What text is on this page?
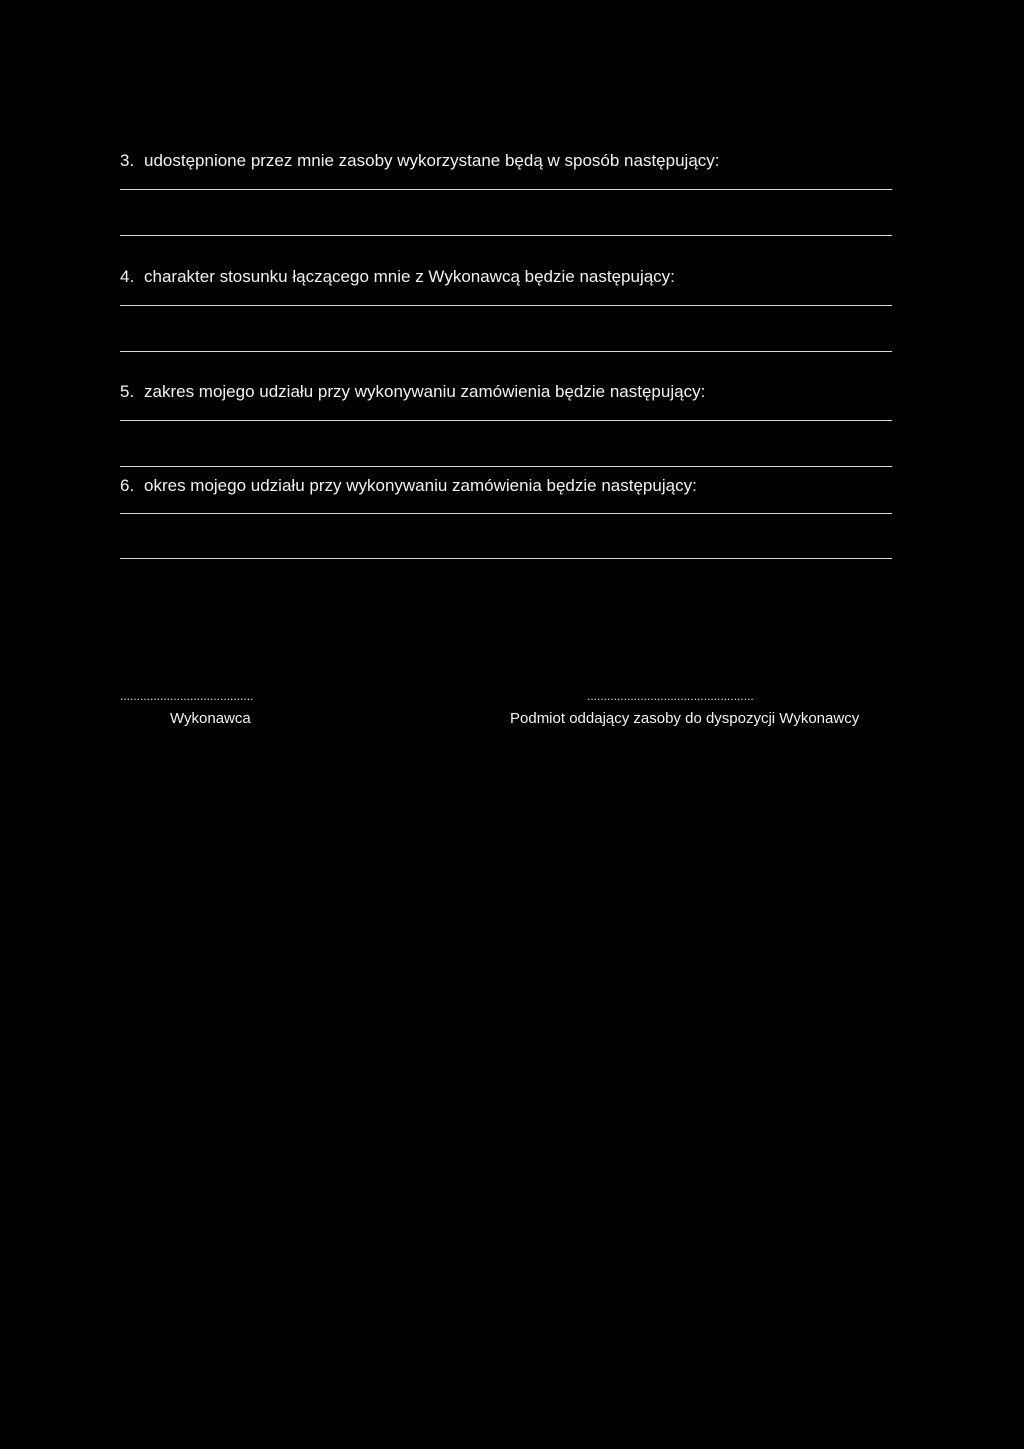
3. udostępnione przez mnie zasoby wykorzystane będą w sposób następujący:
4. charakter stosunku łączącego mnie z Wykonawcą będzie następujący:
5. zakres mojego udziału przy wykonywaniu zamówienia będzie następujący:
6. okres mojego udziału przy wykonywaniu zamówienia będzie następujący:
........................................
Wykonawca
..................................................
Podmiot oddający zasoby do dyspozycji Wykonawcy
